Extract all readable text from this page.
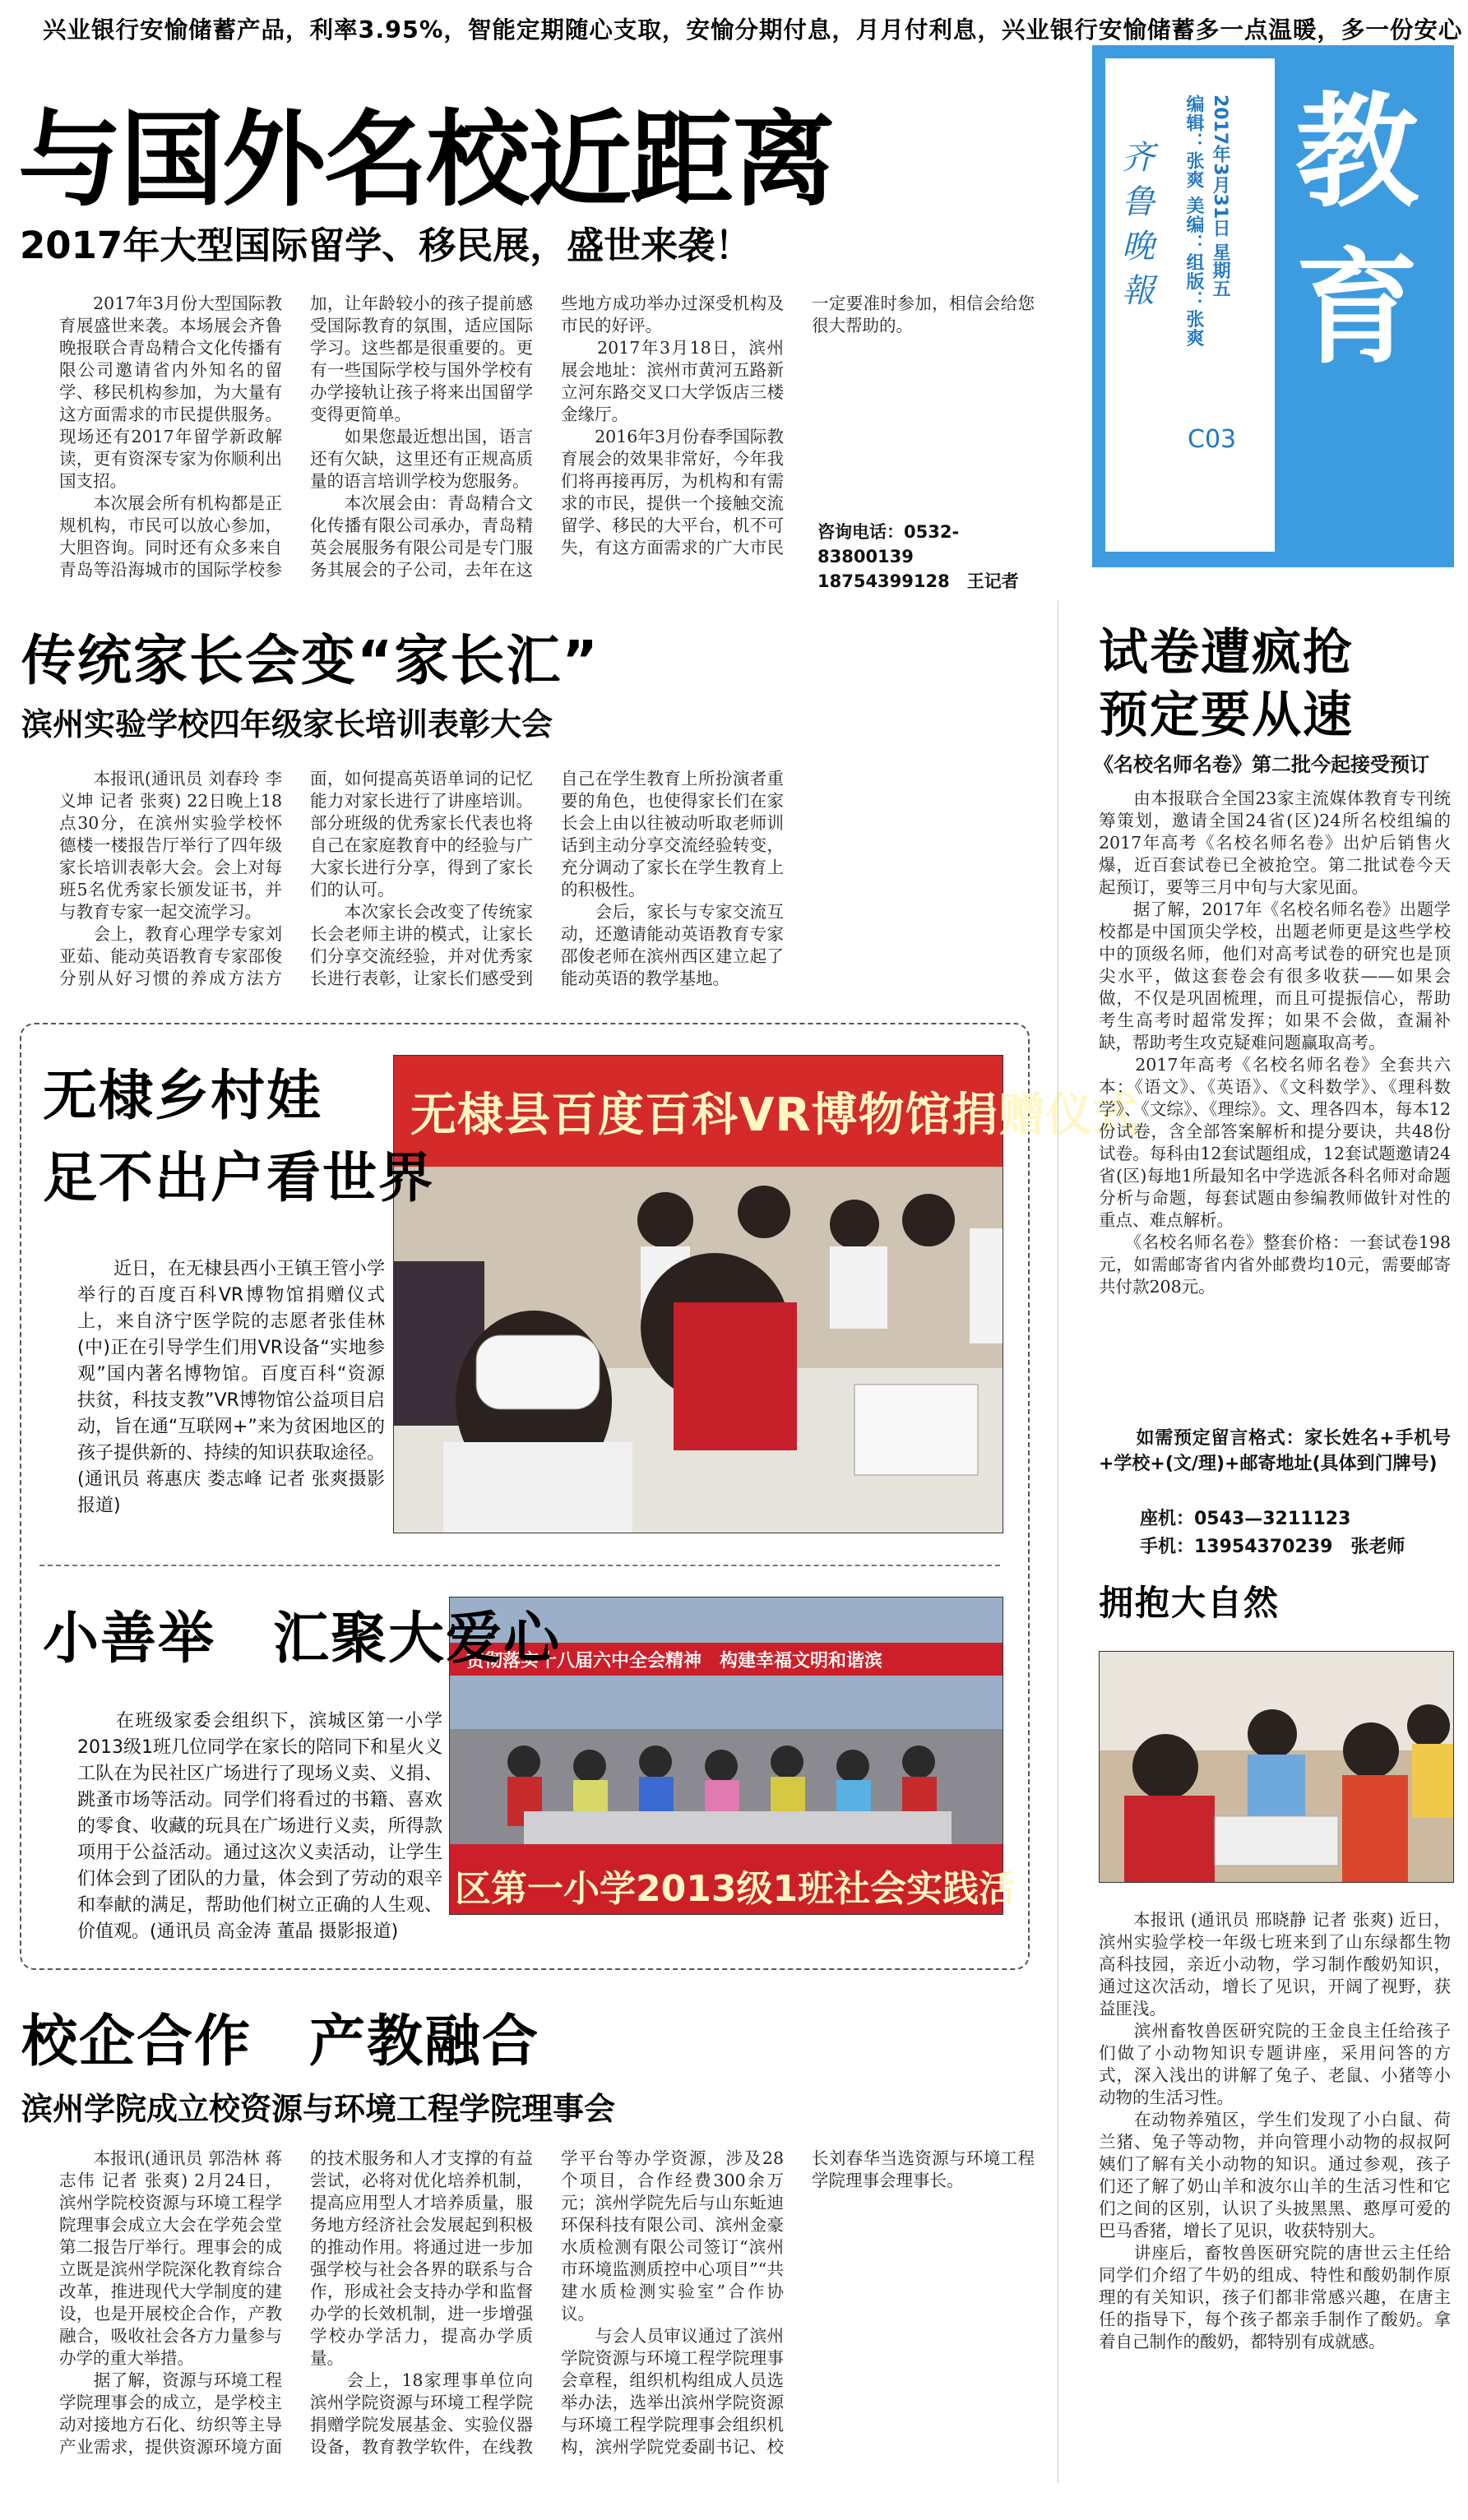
兴业银行安愉储蓄产品，利率3.95%，智能定期随心支取，安愉分期付息，月月付利息，兴业银行安愉储蓄多一点温暖，多一份安心
教
育
齐鲁晚報	编辑：张爽 美编：组版：张爽 2017年3月31日 星期五
C03
与国外名校近距离
2017年大型国际留学、移民展，盛世来袭！
　　2017年3月份大型国际教育展盛世来袭。本场展会齐鲁晚报联合青岛精合文化传播有限公司邀请省内外知名的留学、移民机构参加，为大量有这方面需求的市民提供服务。现场还有2017年留学新政解读，更有资深专家为你顺利出国支招。
　　本次展会所有机构都是正规机构，市民可以放心参加，大胆咨询。同时还有众多来自青岛等沿海城市的国际学校参加，让年龄较小的孩子提前感受国际教育的氛围，适应国际学习。这些都是很重要的。更有一些国际学校与国外学校有办学接轨让孩子将来出国留学变得更简单。
　　如果您最近想出国，语言还有欠缺，这里还有正规高质量的语言培训学校为您服务。
　　本次展会由：青岛精合文化传播有限公司承办，青岛精英会展服务有限公司是专门服务其展会的子公司，去年在这些地方成功举办过深受机构及市民的好评。
　　2017年3月18日，滨州展会地址：滨州市黄河五路新立河东路交叉口大学饭店三楼金缘厅。
　　2016年3月份春季国际教育展会的效果非常好，今年我们将再接再厉，为机构和有需求的市民，提供一个接触交流留学、移民的大平台，机不可失，有这方面需求的广大市民一定要准时参加，相信会给您很大帮助的。
咨询电话：0532-83800139　　18754399128　王记者
传统家长会变“家长汇”
滨州实验学校四年级家长培训表彰大会
　　本报讯(通讯员 刘春玲 李义坤 记者 张爽) 22日晚上18点30分，在滨州实验学校怀德楼一楼报告厅举行了四年级家长培训表彰大会。会上对每班5名优秀家长颁发证书，并与教育专家一起交流学习。
　　会上，教育心理学专家刘亚茹、能动英语教育专家邵俊分别从好习惯的养成方法方面，如何提高英语单词的记忆能力对家长进行了讲座培训。部分班级的优秀家长代表也将自己在家庭教育中的经验与广大家长进行分享，得到了家长们的认可。
　　本次家长会改变了传统家长会老师主讲的模式，让家长们分享交流经验，并对优秀家长进行表彰，让家长们感受到自己在学生教育上所扮演者重要的角色，也使得家长们在家长会上由以往被动听取老师训话到主动分享交流经验转变，充分调动了家长在学生教育上的积极性。
　　会后，家长与专家交流互动，还邀请能动英语教育专家邵俊老师在滨州西区建立起了能动英语的教学基地。
无棣乡村娃
足不出户看世界
　　近日，在无棣县西小王镇王管小学举行的百度百科VR博物馆捐赠仪式上，来自济宁医学院的志愿者张佳林(中)正在引导学生们用VR设备“实地参观”国内著名博物馆。百度百科“资源扶贫，科技支教”VR博物馆公益项目启动，旨在通“互联网+”来为贫困地区的孩子提供新的、持续的知识获取途径。(通讯员 蒋惠庆 娄志峰 记者 张爽摄影报道)
无棣县百度百科VR博物馆捐赠仪式
小善举　汇聚大爱心
　　在班级家委会组织下，滨城区第一小学2013级1班几位同学在家长的陪同下和星火义工队在为民社区广场进行了现场义卖、义捐、跳蚤市场等活动。同学们将看过的书籍、喜欢的零食、收藏的玩具在广场进行义卖，所得款项用于公益活动。通过这次义卖活动，让学生们体会到了团队的力量，体会到了劳动的艰辛和奉献的满足，帮助他们树立正确的人生观、价值观。(通讯员 高金涛 董晶 摄影报道)
贯彻落实十八届六中全会精神　构建幸福文明和谐滨
区第一小学2013级1班社会实践活
校企合作　产教融合
滨州学院成立校资源与环境工程学院理事会
　　本报讯(通讯员 郭浩林 蒋志伟 记者 张爽) 2月24日，滨州学院校资源与环境工程学院理事会成立大会在学苑会堂第二报告厅举行。理事会的成立既是滨州学院深化教育综合改革，推进现代大学制度的建设，也是开展校企合作，产教融合，吸收社会各方力量参与办学的重大举措。
　　据了解，资源与环境工程学院理事会的成立，是学校主动对接地方石化、纺织等主导产业需求，提供资源环境方面的技术服务和人才支撑的有益尝试，必将对优化培养机制，提高应用型人才培养质量，服务地方经济社会发展起到积极的推动作用。将通过进一步加强学校与社会各界的联系与合作，形成社会支持办学和监督办学的长效机制，进一步增强学校办学活力，提高办学质量。
　　会上，18家理事单位向滨州学院资源与环境工程学院捐赠学院发展基金、实验仪器设备，教育教学软件，在线教学平台等办学资源，涉及28个项目，合作经费300余万元；滨州学院先后与山东蚯迪环保科技有限公司、滨州金豪水质检测有限公司签订“滨州市环境监测质控中心项目”“共建水质检测实验室”合作协议。
　　与会人员审议通过了滨州学院资源与环境工程学院理事会章程，组织机构组成人员选举办法，选举出滨州学院资源与环境工程学院理事会组织机构，滨州学院党委副书记、校长刘春华当选资源与环境工程学院理事会理事长。
试卷遭疯抢
预定要从速
《名校名师名卷》第二批今起接受预订
　　由本报联合全国23家主流媒体教育专刊统筹策划，邀请全国24省(区)24所名校组编的2017年高考《名校名师名卷》出炉后销售火爆，近百套试卷已全被抢空。第二批试卷今天起预订，要等三月中旬与大家见面。
　　据了解，2017年《名校名师名卷》出题学校都是中国顶尖学校，出题老师更是这些学校中的顶级名师，他们对高考试卷的研究也是顶尖水平，做这套卷会有很多收获——如果会做，不仅是巩固梳理，而且可提振信心，帮助考生高考时超常发挥；如果不会做，查漏补缺，帮助考生攻克疑难问题赢取高考。
　　2017年高考《名校名师名卷》全套共六本：《语文》、《英语》、《文科数学》、《理科数学》、《文综》、《理综》。文、理各四本，每本12份试卷，含全部答案解析和提分要诀，共48份试卷。每科由12套试题组成，12套试题邀请24省(区)每地1所最知名中学选派各科名师对命题分析与命题，每套试题由参编教师做针对性的重点、难点解析。
　　《名校名师名卷》整套价格：一套试卷198元，如需邮寄省内省外邮费均10元，需要邮寄共付款208元。
　　如需预定留言格式：家长姓名+手机号+学校+(文/理)+邮寄地址(具体到门牌号)
座机：0543—3211123
手机：13954370239　张老师
拥抱大自然
　　本报讯 (通讯员 邢晓静 记者 张爽) 近日，滨州实验学校一年级七班来到了山东绿都生物高科技园，亲近小动物，学习制作酸奶知识，通过这次活动，增长了见识，开阔了视野，获益匪浅。
　　滨州畜牧兽医研究院的王金良主任给孩子们做了小动物知识专题讲座，采用问答的方式，深入浅出的讲解了兔子、老鼠、小猪等小动物的生活习性。
　　在动物养殖区，学生们发现了小白鼠、荷兰猪、兔子等动物，并向管理小动物的叔叔阿姨们了解有关小动物的知识。通过参观，孩子们还了解了奶山羊和波尔山羊的生活习性和它们之间的区别，认识了头披黑黑、憨厚可爱的巴马香猪，增长了见识，收获特别大。
　　讲座后，畜牧兽医研究院的唐世云主任给同学们介绍了牛奶的组成、特性和酸奶制作原理的有关知识，孩子们都非常感兴趣，在唐主任的指导下，每个孩子都亲手制作了酸奶。拿着自己制作的酸奶，都特别有成就感。
